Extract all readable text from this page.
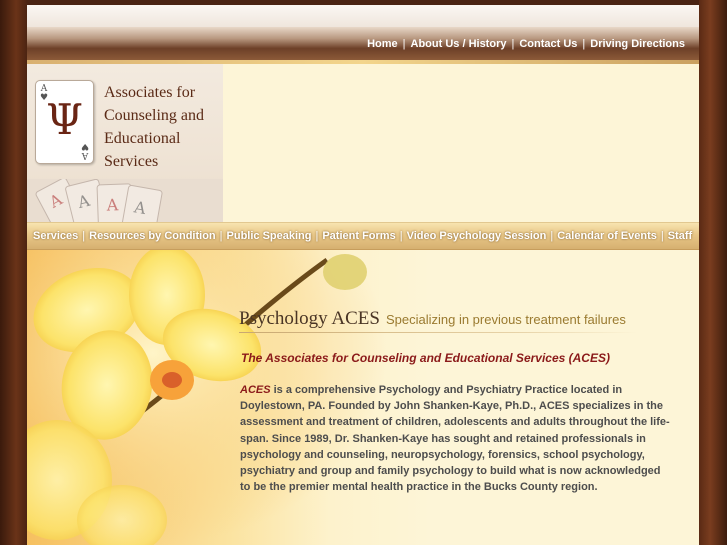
Home | About Us / History | Contact Us | Driving Directions
A
♥
Ψ
A
♥
Associates for
Counseling and
Educational
Services
A A A A
Services | Resources by Condition | Public Speaking | Patient Forms | Video Psychology Session | Calendar of Events | Staff
Psychology ACES Specializing in previous treatment failures
The Associates for Counseling and Educational Services (ACES)
ACES is a comprehensive Psychology and Psychiatry Practice located in Doylestown, PA. Founded by John Shanken-Kaye, Ph.D., ACES specializes in the assessment and treatment of children, adolescents and adults throughout the life-span. Since 1989, Dr. Shanken-Kaye has sought and retained professionals in psychology and counseling, neuropsychology, forensics, school psychology, psychiatry and group and family psychology to build what is now acknowledged to be the premier mental health practice in the Bucks County region.
